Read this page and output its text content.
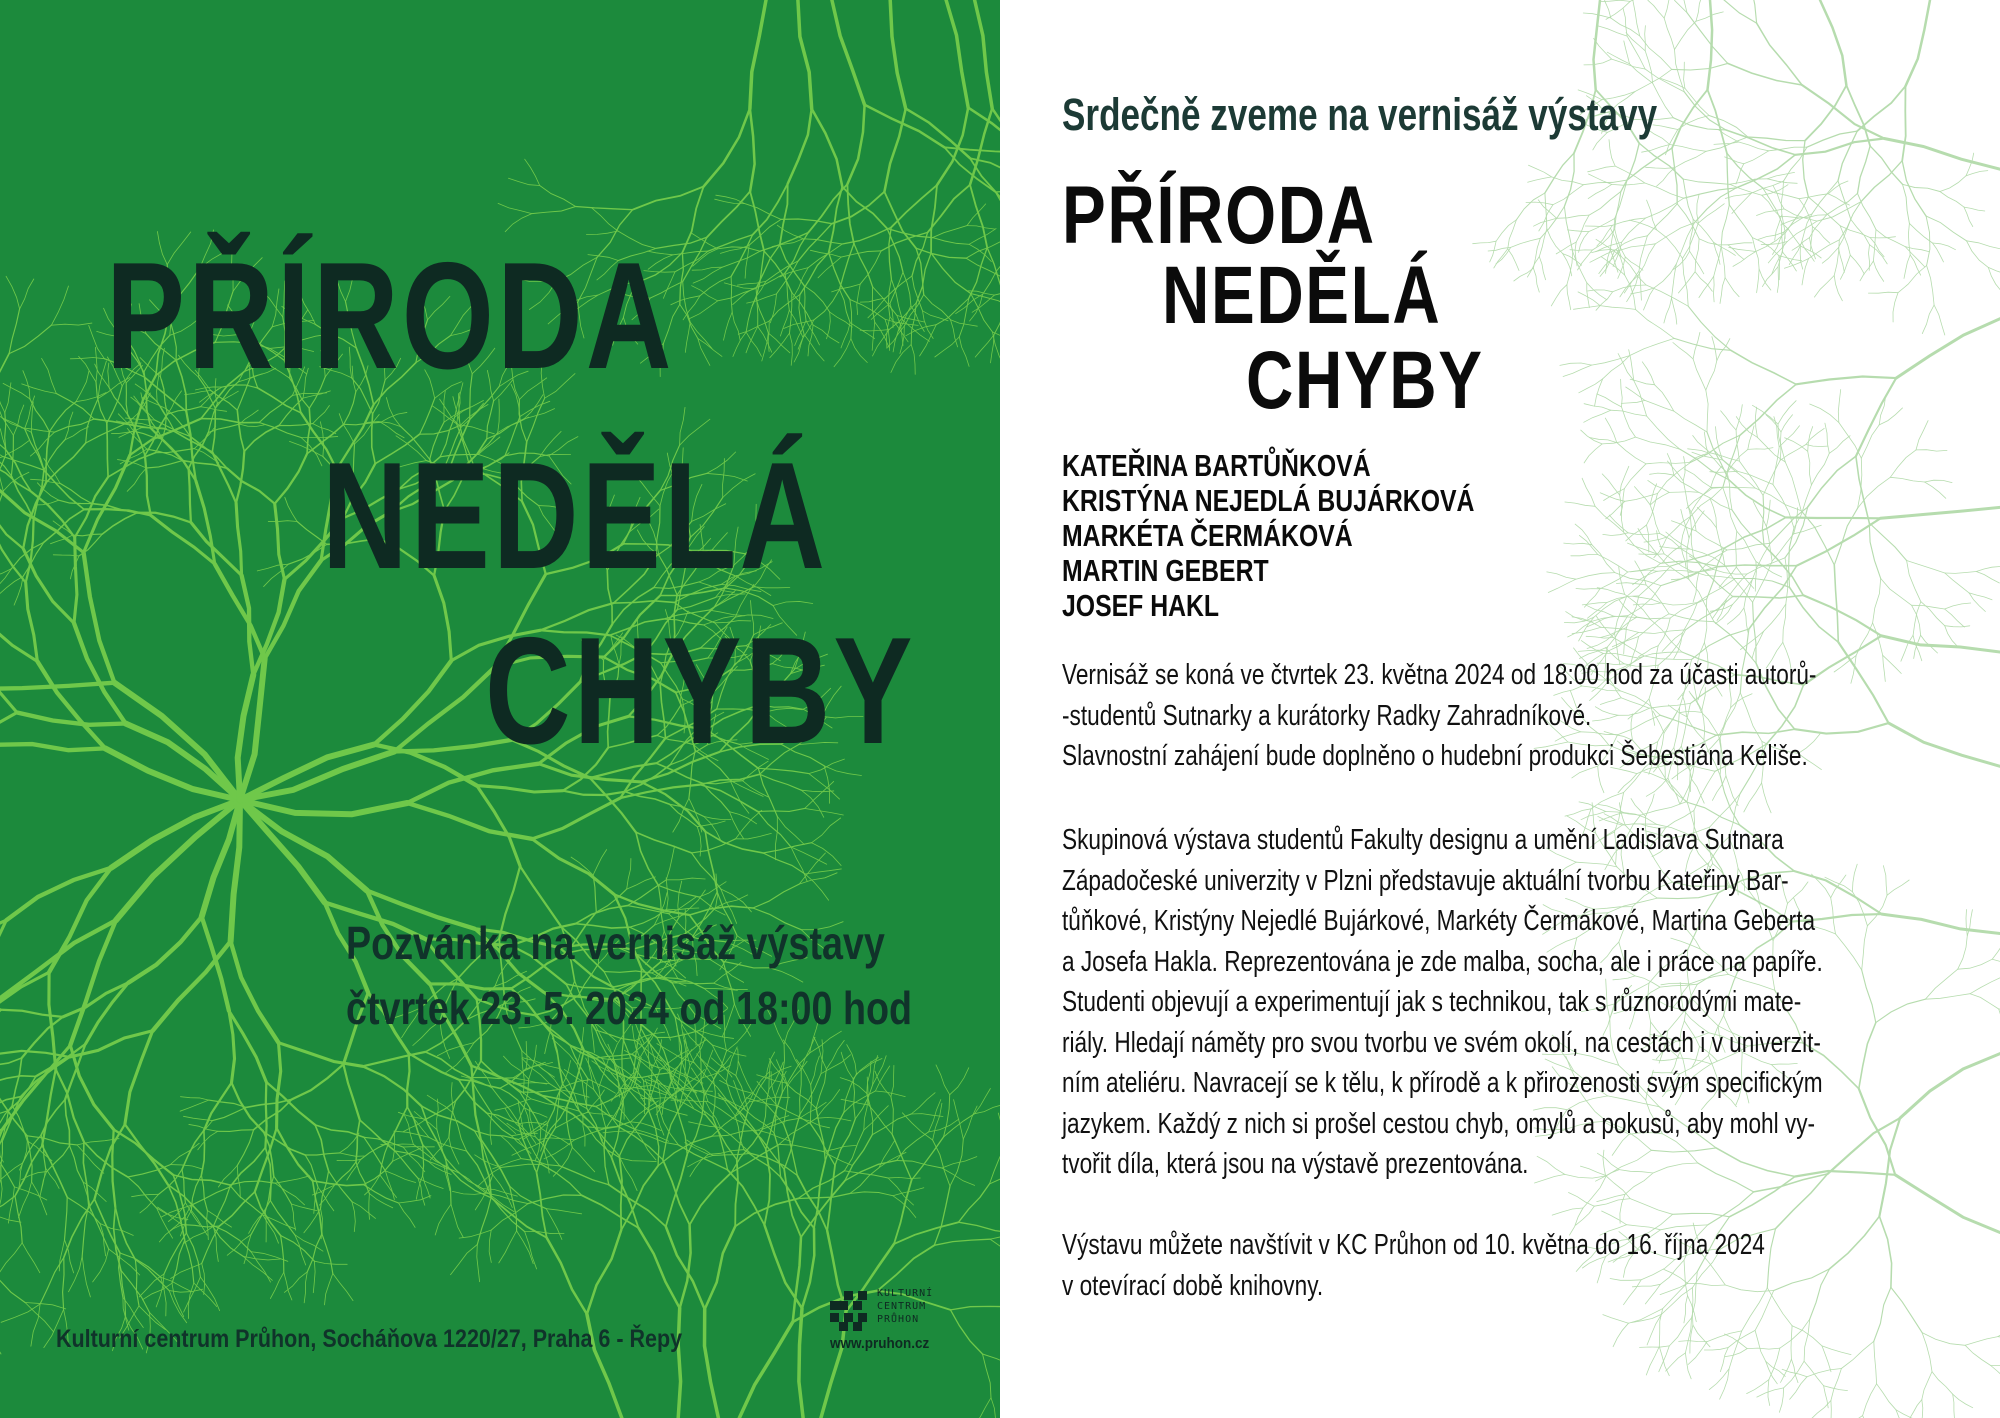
PŘÍRODA
NEDĚLÁ
CHYBY
Pozvánka na vernisáž výstavy
čtvrtek 23. 5. 2024 od 18:00 hod
Kulturní centrum Průhon, Socháňova 1220/27, Praha 6 - Řepy
KULTURNÍ
CENTRUM
PRŮHON
www.pruhon.cz
Srdečně zveme na vernisáž výstavy
PŘÍRODA
NEDĚLÁ
CHYBY
KATEŘINA BARTŮŇKOVÁ
KRISTÝNA NEJEDLÁ BUJÁRKOVÁ
MARKÉTA ČERMÁKOVÁ
MARTIN GEBERT
JOSEF HAKL
Vernisáž se koná ve čtvrtek 23. května 2024 od 18:00 hod za účasti autorů-
-studentů Sutnarky a kurátorky Radky Zahradníkové.
Slavnostní zahájení bude doplněno o hudební produkci Šebestiána Keliše.
Skupinová výstava studentů Fakulty designu a umění Ladislava Sutnara
Západočeské univerzity v Plzni představuje aktuální tvorbu Kateřiny Bar-
tůňkové, Kristýny Nejedlé Bujárkové, Markéty Čermákové, Martina Geberta
a Josefa Hakla. Reprezentována je zde malba, socha, ale i práce na papíře.
Studenti objevují a experimentují jak s technikou, tak s různorodými mate-
riály. Hledají náměty pro svou tvorbu ve svém okolí, na cestách i v univerzit-
ním ateliéru. Navracejí se k tělu, k přírodě a k přirozenosti svým specifickým
jazykem. Každý z nich si prošel cestou chyb, omylů a pokusů, aby mohl vy-
tvořit díla, která jsou na výstavě prezentována.
Výstavu můžete navštívit v KC Průhon od 10. května do 16. října 2024
v otevírací době knihovny.
